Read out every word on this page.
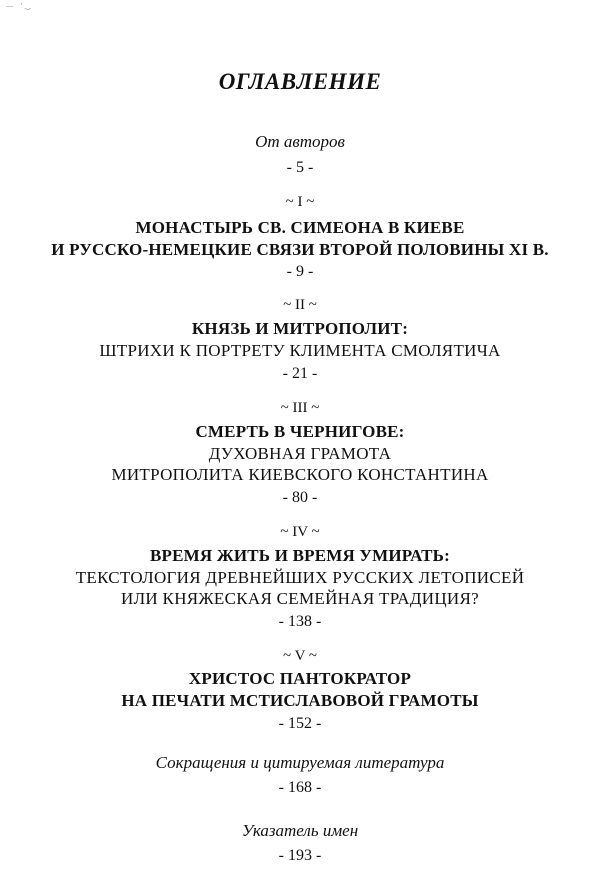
— '‿
ОГЛАВЛЕНИЕ
От авторов
- 5 -
~ I ~
МОНАСТЫРЬ СВ. СИМЕОНА В КИЕВЕ
И РУССКО-НЕМЕЦКИЕ СВЯЗИ ВТОРОЙ ПОЛОВИНЫ XI В.
- 9 -
~ II ~
КНЯЗЬ И МИТРОПОЛИТ:
ШТРИХИ К ПОРТРЕТУ КЛИМЕНТА СМОЛЯТИЧА
- 21 -
~ III ~
СМЕРТЬ В ЧЕРНИГОВЕ:
ДУХОВНАЯ ГРАМОТА
МИТРОПОЛИТА КИЕВСКОГО КОНСТАНТИНА
- 80 -
~ IV ~
ВРЕМЯ ЖИТЬ И ВРЕМЯ УМИРАТЬ:
ТЕКСТОЛОГИЯ ДРЕВНЕЙШИХ РУССКИХ ЛЕТОПИСЕЙ
ИЛИ КНЯЖЕСКАЯ СЕМЕЙНАЯ ТРАДИЦИЯ?
- 138 -
~ V ~
ХРИСТОС ПАНТОКРАТОР
НА ПЕЧАТИ МСТИСЛАВОВОЙ ГРАМОТЫ
- 152 -
Сокращения и цитируемая литература
- 168 -
Указатель имен
- 193 -
